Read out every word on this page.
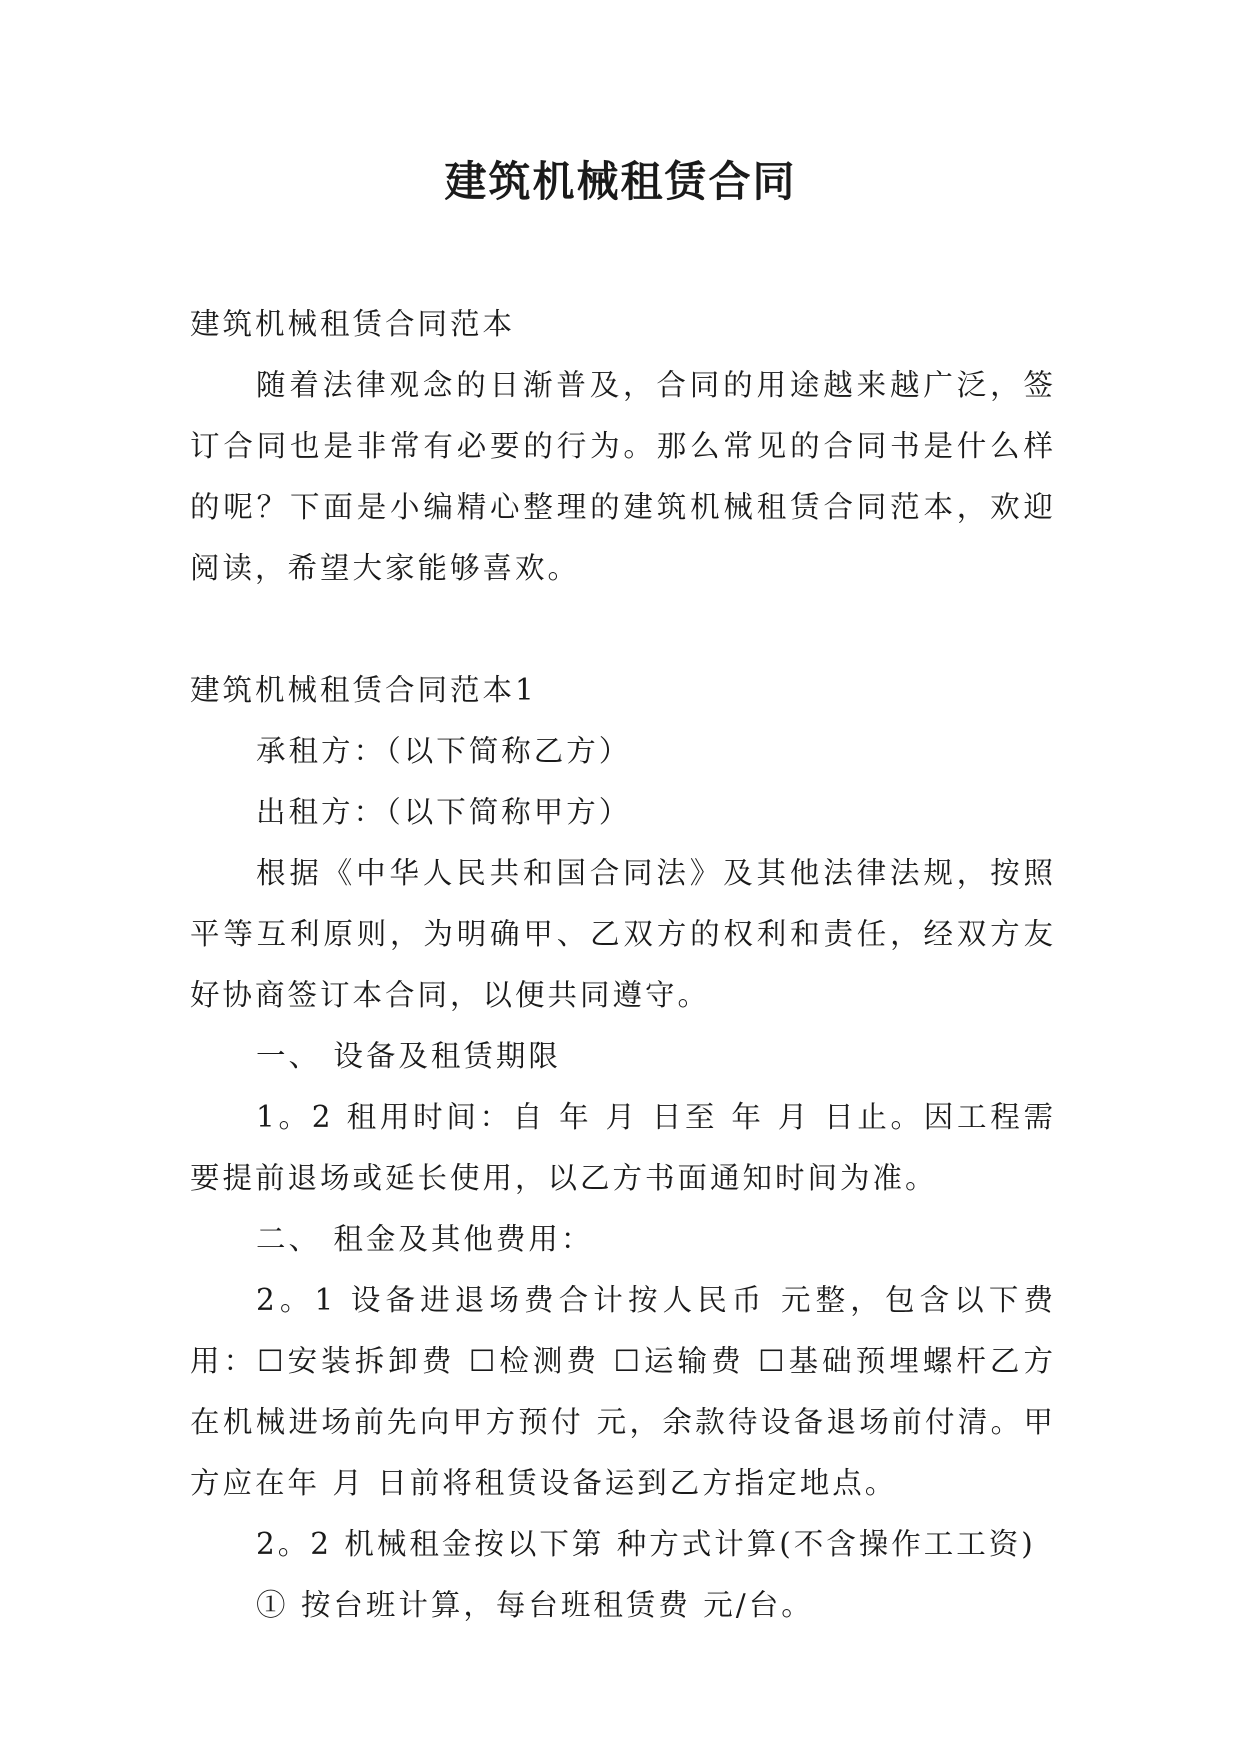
建筑机械租赁合同

建筑机械租赁合同范本

随着法律观念的日渐普及，合同的用途越来越广泛，签订合同也是非常有必要的行为。那么常见的合同书是什么样的呢？下面是小编精心整理的建筑机械租赁合同范本，欢迎阅读，希望大家能够喜欢。

建筑机械租赁合同范本1

承租方：（以下简称乙方）

出租方：（以下简称甲方）

根据《中华人民共和国合同法》及其他法律法规，按照平等互利原则，为明确甲、乙双方的权利和责任，经双方友好协商签订本合同，以便共同遵守。

一、 设备及租赁期限

1。2 租用时间：自 年 月 日至 年 月 日止。因工程需要提前退场或延长使用，以乙方书面通知时间为准。

二、 租金及其他费用：

2。1 设备进退场费合计按人民币 元整，包含以下费用：☐安装拆卸费 ☐检测费 ☐运输费 ☐基础预埋螺杆乙方在机械进场前先向甲方预付 元，余款待设备退场前付清。甲方应在年 月 日前将租赁设备运到乙方指定地点。

2。2 机械租金按以下第 种方式计算(不含操作工工资)

① 按台班计算，每台班租赁费 元/台。
